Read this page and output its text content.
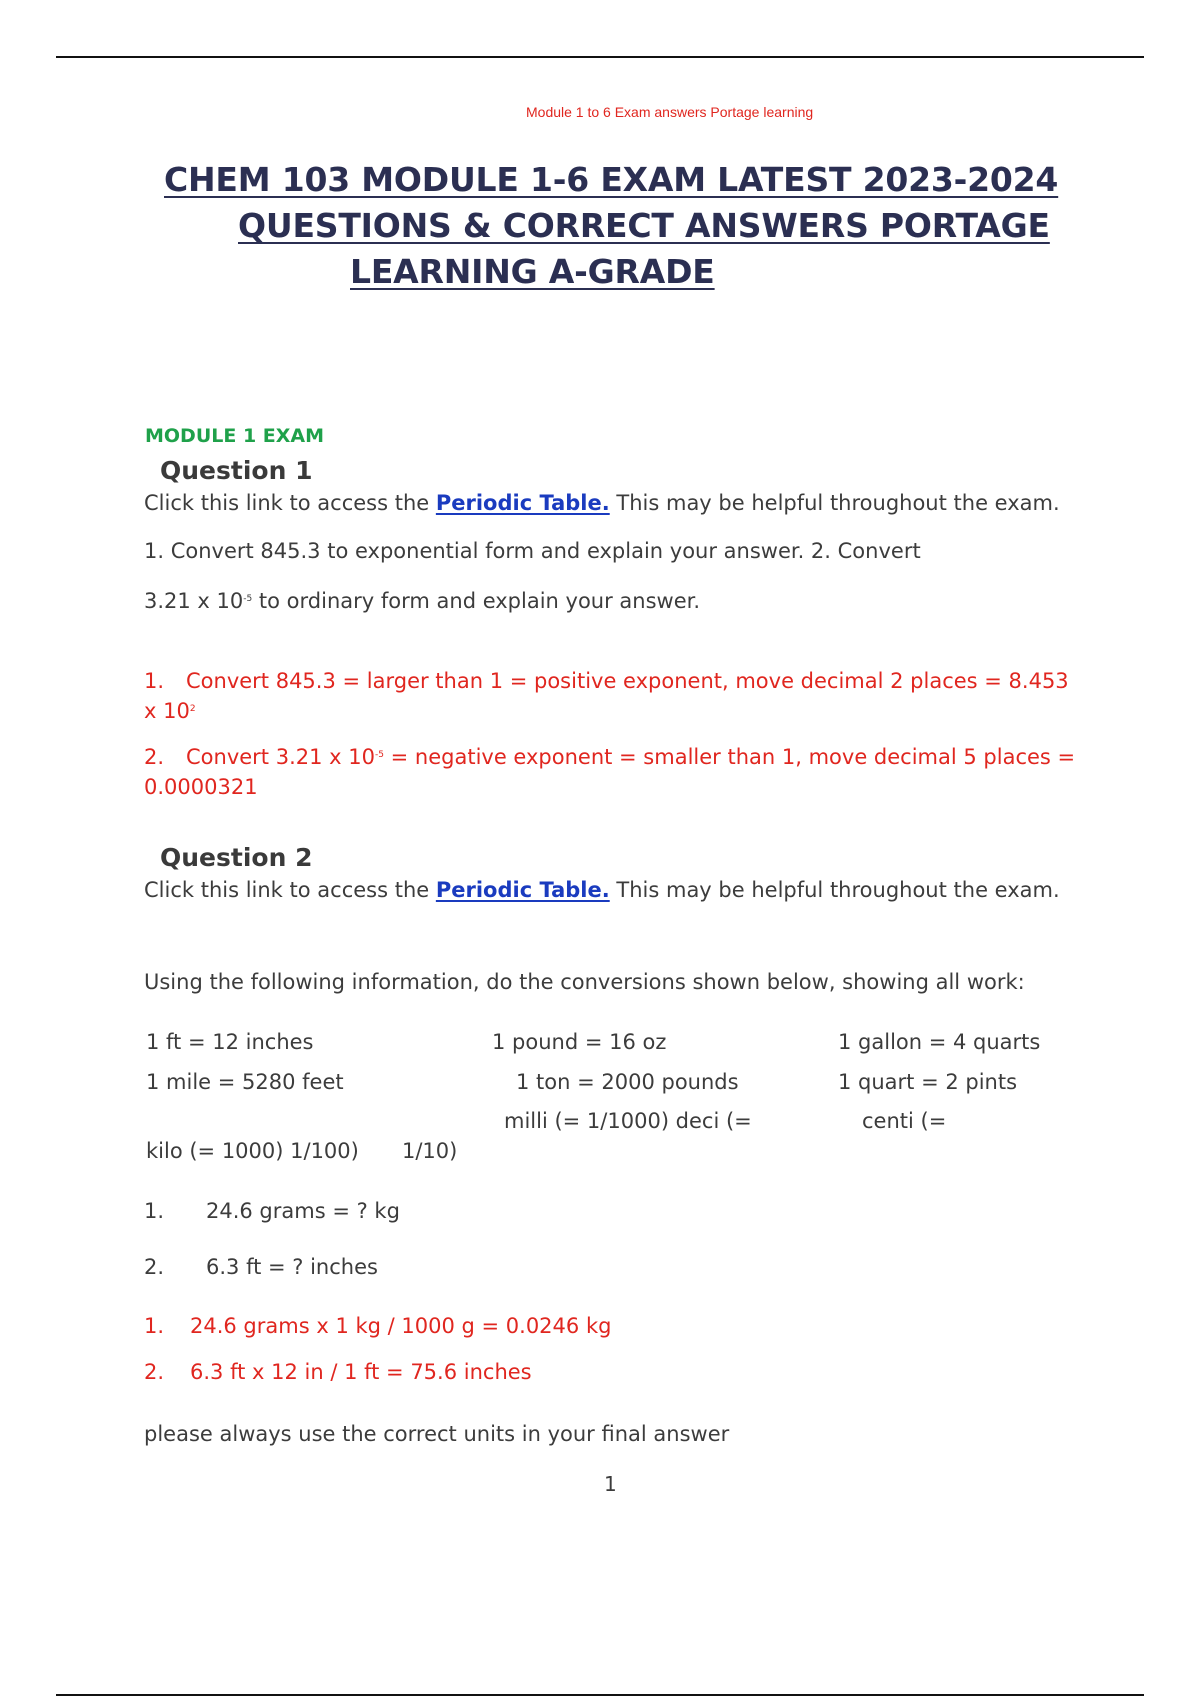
Module 1 to 6 Exam answers Portage learning
CHEM 103 MODULE 1-6 EXAM LATEST 2023-2024
QUESTIONS & CORRECT ANSWERS PORTAGE
LEARNING A-GRADE
MODULE 1 EXAM
Question 1
Click this link to access the Periodic Table. This may be helpful throughout the exam.
1. Convert 845.3 to exponential form and explain your answer. 2. Convert
3.21 x $10^{-5}$ to ordinary form and explain your answer.
1. Convert 845.3 = larger than 1 = positive exponent, move decimal 2 places = 8.453 x $10^2$
2. Convert 3.21 x $10^{-5}$ = negative exponent = smaller than 1, move decimal 5 places = 0.0000321
Question 2
Click this link to access the Periodic Table. This may be helpful throughout the exam.
Using the following information, do the conversions shown below, showing all work:
1 ft = 12 inches	1 pound = 16 oz	1 gallon = 4 quarts
1 mile = 5280 feet	1 ton = 2000 pounds	1 quart = 2 pints
milli (= 1/1000) deci (=	centi (=
kilo (= 1000) 1/100) 1/10)
1. 24.6 grams = ? kg
2. 6.3 ft = ? inches
1. 24.6 grams x 1 kg / 1000 g = 0.0246 kg
2. 6.3 ft x 12 in / 1 ft = 75.6 inches
please always use the correct units in your final answer
1
